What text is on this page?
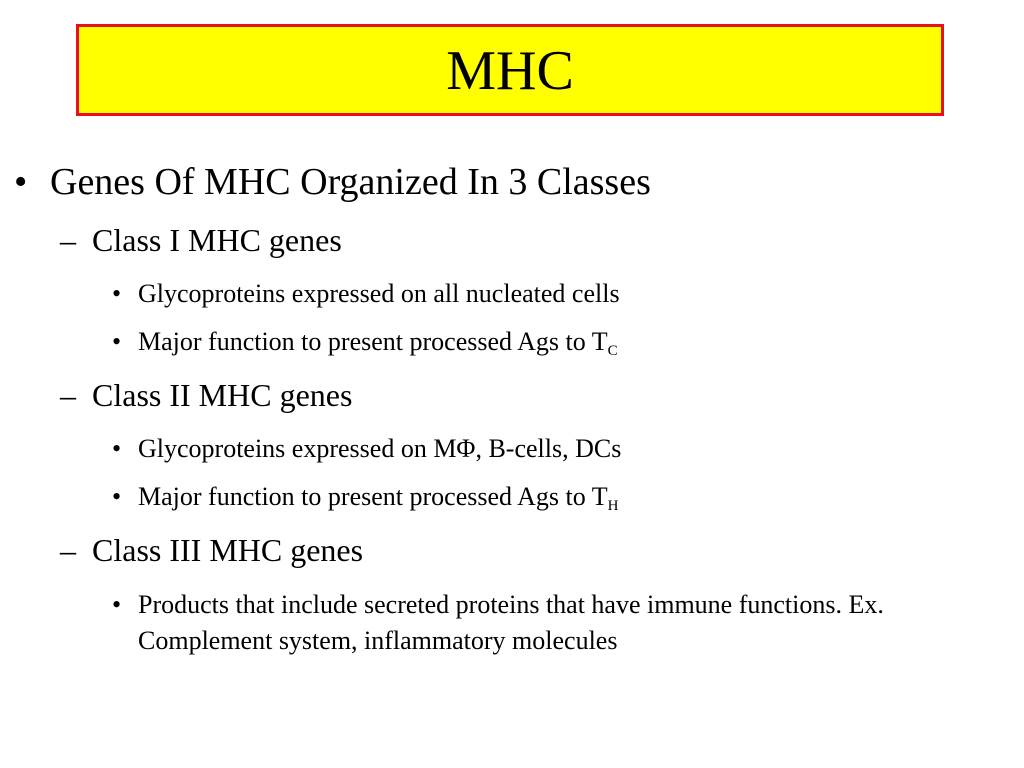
MHC
• Genes Of MHC Organized In 3 Classes
– Class I MHC genes
• Glycoproteins expressed on all nucleated cells
• Major function to present processed Ags to $T_C$
– Class II MHC genes
• Glycoproteins expressed on MΦ, B-cells, DCs
• Major function to present processed Ags to $T_H$
– Class III MHC genes
• Products that include secreted proteins that have immune functions. Ex. Complement system, inflammatory molecules
